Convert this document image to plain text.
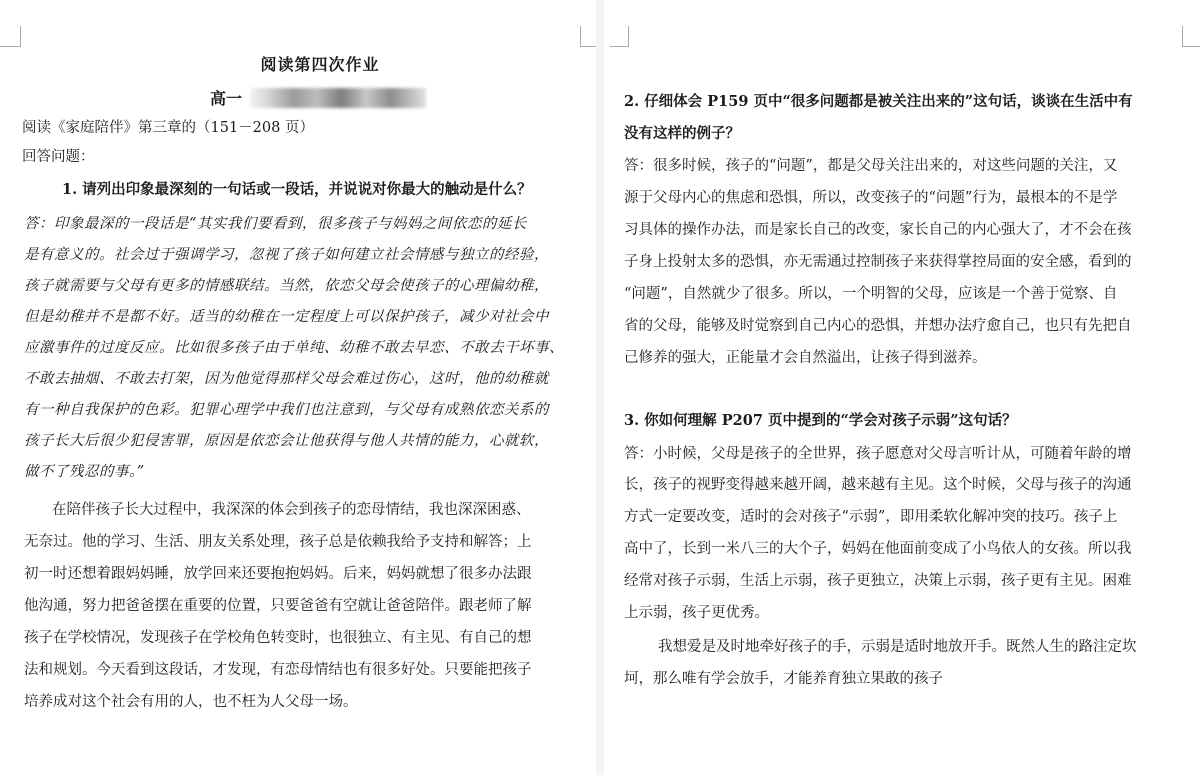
阅读第四次作业
高一
阅读《家庭陪伴》第三章的（151－208 页）
回答问题：
1. 请列出印象最深刻的一句话或一段话，并说说对你最大的触动是什么？
答：印象最深的一段话是“其实我们要看到，很多孩子与妈妈之间依恋的延长
是有意义的。社会过于强调学习，忽视了孩子如何建立社会情感与独立的经验，
孩子就需要与父母有更多的情感联结。当然，依恋父母会使孩子的心理偏幼稚，
但是幼稚并不是都不好。适当的幼稚在一定程度上可以保护孩子，减少对社会中
应激事件的过度反应。比如很多孩子由于单纯、幼稚不敢去早恋、不敢去干坏事、
不敢去抽烟、不敢去打架，因为他觉得那样父母会难过伤心，这时，他的幼稚就
有一种自我保护的色彩。犯罪心理学中我们也注意到，与父母有成熟依恋关系的
孩子长大后很少犯侵害罪，原因是依恋会让他获得与他人共情的能力，心就软，
做不了残忍的事。”
在陪伴孩子长大过程中，我深深的体会到孩子的恋母情结，我也深深困惑、
无奈过。他的学习、生活、朋友关系处理，孩子总是依赖我给予支持和解答；上
初一时还想着跟妈妈睡，放学回来还要抱抱妈妈。后来，妈妈就想了很多办法跟
他沟通，努力把爸爸摆在重要的位置，只要爸爸有空就让爸爸陪伴。跟老师了解
孩子在学校情况，发现孩子在学校角色转变时，也很独立、有主见、有自己的想
法和规划。今天看到这段话，才发现，有恋母情结也有很多好处。只要能把孩子
培养成对这个社会有用的人，也不枉为人父母一场。
2. 仔细体会 P159 页中“很多问题都是被关注出来的”这句话，谈谈在生活中有
没有这样的例子？
答：很多时候，孩子的“问题”，都是父母关注出来的，对这些问题的关注，又
源于父母内心的焦虑和恐惧，所以，改变孩子的“问题”行为，最根本的不是学
习具体的操作办法，而是家长自己的改变，家长自己的内心强大了，才不会在孩
子身上投射太多的恐惧，亦无需通过控制孩子来获得掌控局面的安全感，看到的
“问题”，自然就少了很多。所以，一个明智的父母，应该是一个善于觉察、自
省的父母，能够及时觉察到自己内心的恐惧，并想办法疗愈自己，也只有先把自
己修养的强大，正能量才会自然溢出，让孩子得到滋养。
3. 你如何理解 P207 页中提到的“学会对孩子示弱”这句话？
答：小时候，父母是孩子的全世界，孩子愿意对父母言听计从，可随着年龄的增
长，孩子的视野变得越来越开阔，越来越有主见。这个时候，父母与孩子的沟通
方式一定要改变，适时的会对孩子“示弱”，即用柔软化解冲突的技巧。孩子上
高中了，长到一米八三的大个子，妈妈在他面前变成了小鸟依人的女孩。所以我
经常对孩子示弱，生活上示弱，孩子更独立，决策上示弱，孩子更有主见。困难
上示弱，孩子更优秀。
我想爱是及时地牵好孩子的手，示弱是适时地放开手。既然人生的路注定坎
坷，那么唯有学会放手，才能养育独立果敢的孩子
